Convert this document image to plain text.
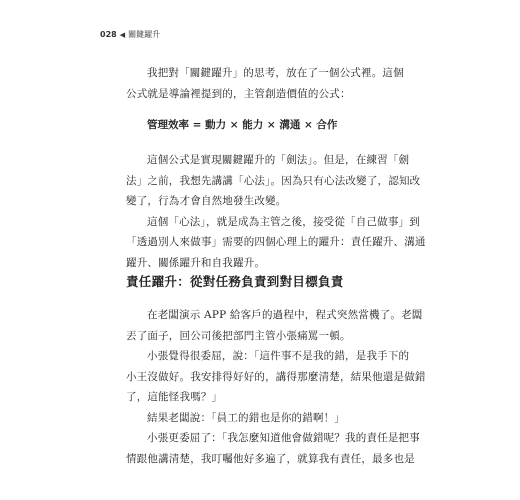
028 ◀ 關鍵躍升

我把對「關鍵躍升」的思考，放在了一個公式裡。這個

公式就是導論裡提到的，主管創造價值的公式：

管理效率 = 動力 × 能力 × 溝通 × 合作

這個公式是實現關鍵躍升的「劍法」。但是，在練習「劍

法」之前，我想先講講「心法」。因為只有心法改變了，認知改

變了，行為才會自然地發生改變。

這個「心法」，就是成為主管之後，接受從「自己做事」到

「透過別人來做事」需要的四個心理上的躍升：責任躍升、溝通

躍升、關係躍升和自我躍升。

責任躍升：從對任務負責到對目標負責

在老闆演示 APP 給客戶的過程中，程式突然當機了。老闆

丟了面子，回公司後把部門主管小張痛罵一頓。

小張覺得很委屈，說：「這件事不是我的錯，是我手下的

小王沒做好。我安排得好好的，講得那麼清楚，結果他還是做錯

了，這能怪我嗎？」

結果老闆說：「員工的錯也是你的錯啊！」

小張更委屈了：「我怎麼知道他會做錯呢？我的責任是把事

情跟他講清楚，我叮囑他好多遍了，就算我有責任，最多也是
